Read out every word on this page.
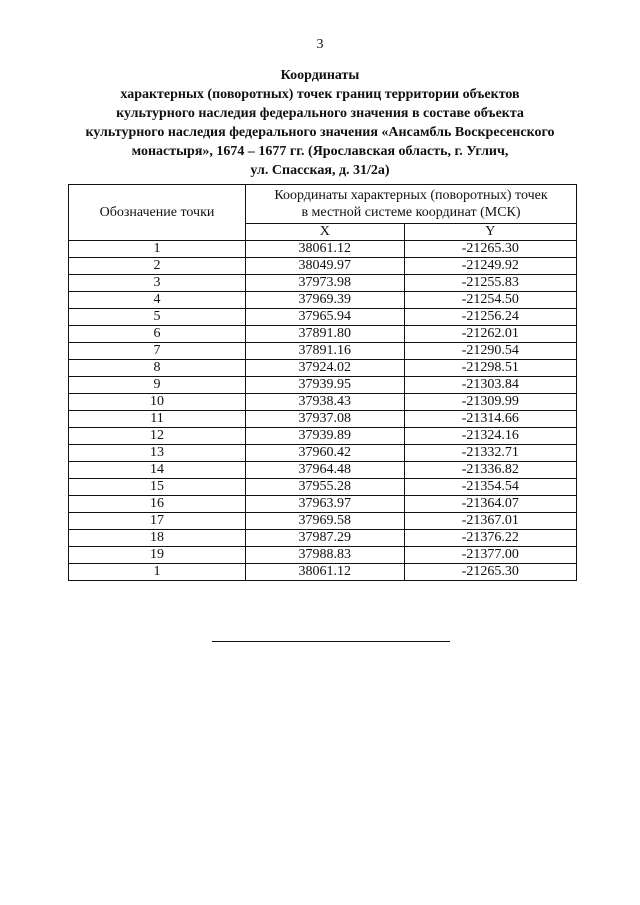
3
Координаты
характерных (поворотных) точек границ территории объектов
культурного наследия федерального значения в составе объекта
культурного наследия федерального значения «Ансамбль Воскресенского
монастыря», 1674 – 1677 гг. (Ярославская область, г. Углич,
ул. Спасская, д. 31/2а)
Обозначение точки	Координаты характерных (поворотных) точек
в местной системе координат (МСК)	

	X	Y
1	38061.12	-21265.30
2	38049.97	-21249.92
3	37973.98	-21255.83
4	37969.39	-21254.50
5	37965.94	-21256.24
6	37891.80	-21262.01
7	37891.16	-21290.54
8	37924.02	-21298.51
9	37939.95	-21303.84
10	37938.43	-21309.99
11	37937.08	-21314.66
12	37939.89	-21324.16
13	37960.42	-21332.71
14	37964.48	-21336.82
15	37955.28	-21354.54
16	37963.97	-21364.07
17	37969.58	-21367.01
18	37987.29	-21376.22
19	37988.83	-21377.00
1	38061.12	-21265.30
